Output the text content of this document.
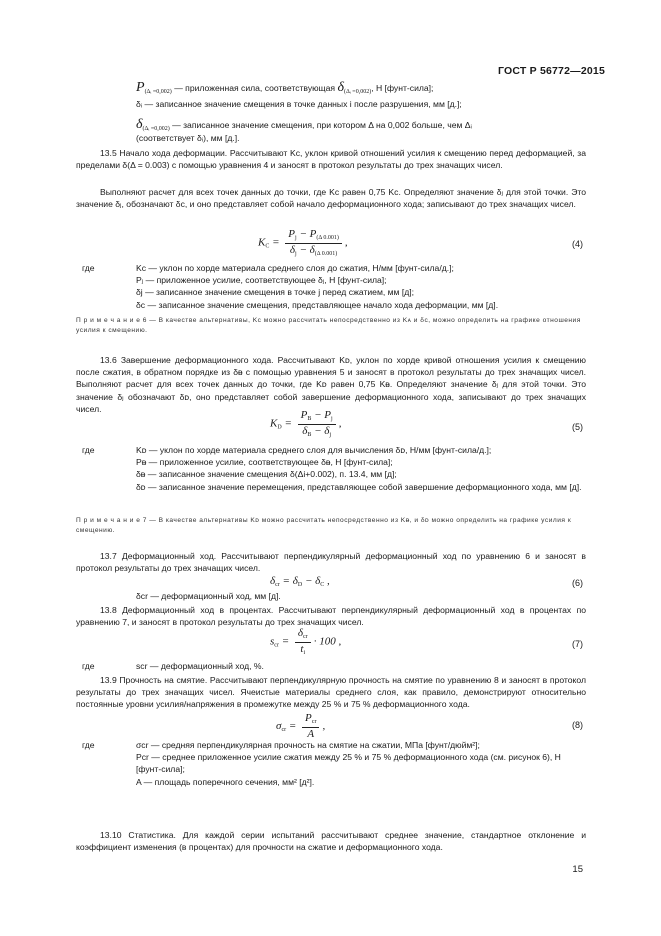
ГОСТ Р 56772—2015
$P_{(\Delta ᵢ =0,002)}$ — приложенная сила, соответствующая $\delta_{(\Delta ᵢ =0,002)}$, Н [фунт-сила];
δᵢ — записанное значение смещения в точке данных i после разрушения, мм [д.];
$\delta_{(\Delta ᵢ =0,002)}$ — записанное значение смещения, при котором Δ на 0,002 больше, чем Δᵢ
(соответствует δᵢ), мм [д.].
13.5 Начало хода деформации. Рассчитывают Kc, уклон кривой отношений усилия к смещению перед деформацией, за пределами δ(Δ = 0.003) с помощью уравнения 4 и заносят в протокол результаты до трех значащих чисел.
Выполняют расчет для всех точек данных до точки, где Kc равен 0,75 Kc. Определяют значение δⱼ для этой точки. Это значение δⱼ, обозначают δc, и оно представляет собой начало деформационного хода; записывают до трех значащих чисел.
$K_C = \frac{P_j - P_{(\Delta 0.001)}}{\delta_j - \delta_{(\Delta 0.001)}}$ ,	(4)
где	Kc — уклон по хорде материала среднего слоя до сжатия, Н/мм [фунт-сила/д.];
Pⱼ — приложенное усилие, соответствующее δⱼ, Н [фунт-сила];
δj — записанное значение смещения в точке j перед сжатием, мм [д];
δc — записанное значение смещения, представляющее начало хода деформации, мм [д].
П р и м е ч а н и е 6 — В качестве альтернативы, Kc можно рассчитать непосредственно из Kᴀ и δc, можно определить на графике отношения усилия к смещению.
13.6 Завершение деформационного хода. Рассчитывают Kᴅ, уклон по хорде кривой отношения усилия к смещению после сжатия, в обратном порядке из δᴃ с помощью уравнения 5 и заносят в протокол результаты до трех значащих чисел. Выполняют расчет для всех точек данных до точки, где Kᴅ равен 0,75 Kᴃ. Определяют значение δⱼ для этой точки. Это значение δⱼ обозначают δᴅ, оно представляет собой завершение деформационного хода, записывают до трех значащих чисел.
$K_D = \frac{P_B - P_j}{\delta_B - \delta_j}$ ,	(5)
где	Kᴅ — уклон по хорде материала среднего слоя для вычисления δᴅ, Н/мм [фунт-сила/д.];
Pᴃ — приложенное усилие, соответствующее δᴃ, Н [фунт-сила];
δᴃ — записанное значение смещения δ(Δi+0.002), п. 13.4, мм [д];
δᴅ — записанное значение перемещения, представляющее собой завершение деформационного хода, мм [д].
П р и м е ч а н и е 7 — В качестве альтернативы Kᴅ можно рассчитать непосредственно из Kᴃ, и δᴅ можно определить на графике усилия к смещению.
13.7 Деформационный ход. Рассчитывают перпендикулярный деформационный ход по уравнению 6 и заносят в протокол результаты до трех значащих чисел.
$\delta_{cr} = \delta_D - \delta_C$ ,	(6)
δcr — деформационный ход, мм [д].
13.8 Деформационный ход в процентах. Рассчитывают перпендикулярный деформационный ход в процентах по уравнению 7, и заносят в протокол результаты до трех значащих чисел.
$s_{cr} = \frac{\delta_{cr}}{t_i} \cdot 100$ ,	(7)
где	scr — деформационный ход, %.
13.9 Прочность на смятие. Рассчитывают перпендикулярную прочность на смятие по уравнению 8 и заносят в протокол результаты до трех значащих чисел. Ячеистые материалы среднего слоя, как правило, демонстрируют относительно постоянные уровни усилия/напряжения в промежутке между 25 % и 75 % деформационного хода.
$\sigma_{cr} = \frac{P_{cr}}{A}$ ,	(8)
где	σcr — средняя перпендикулярная прочность на смятие на сжатии, МПа [фунт/дюйм²];
Pcr — среднее приложенное усилие сжатия между 25 % и 75 % деформационного хода (см. рисунок 6), Н [фунт-сила];
A — площадь поперечного сечения, мм² [д²].
13.10 Статистика. Для каждой серии испытаний рассчитывают среднее значение, стандартное отклонение и коэффициент изменения (в процентах) для прочности на сжатие и деформационного хода.
15
